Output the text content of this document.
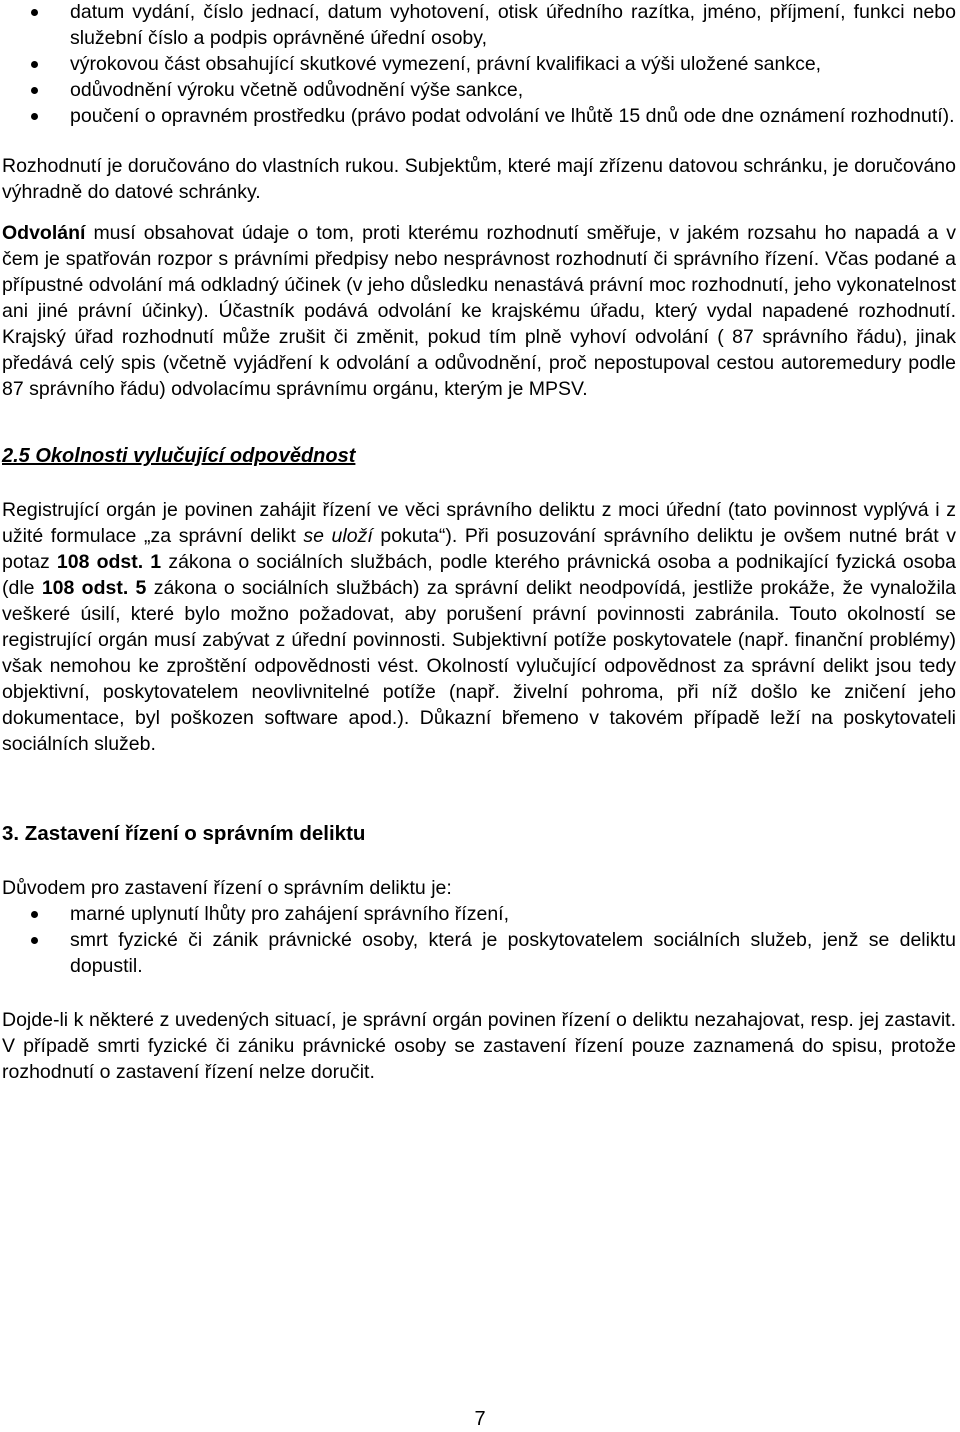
datum vydání, číslo jednací, datum vyhotovení, otisk úředního razítka, jméno, příjmení, funkci nebo služební číslo a podpis oprávněné úřední osoby,
výrokovou část obsahující skutkové vymezení, právní kvalifikaci a výši uložené sankce,
odůvodnění výroku včetně odůvodnění výše sankce,
poučení o opravném prostředku (právo podat odvolání ve lhůtě 15 dnů ode dne oznámení rozhodnutí).

Rozhodnutí je doručováno do vlastních rukou. Subjektům, které mají zřízenu datovou schránku, je doručováno výhradně do datové schránky.

Odvolání musí obsahovat údaje o tom, proti kterému rozhodnutí směřuje, v jakém rozsahu ho napadá a v čem je spatřován rozpor s právními předpisy nebo nesprávnost rozhodnutí či správního řízení. Včas podané a přípustné odvolání má odkladný účinek (v jeho důsledku nenastává právní moc rozhodnutí, jeho vykonatelnost ani jiné právní účinky). Účastník podává odvolání ke krajskému úřadu, který vydal napadené rozhodnutí. Krajský úřad rozhodnutí může zrušit či změnit, pokud tím plně vyhoví odvolání ( 87 správního řádu), jinak předává celý spis (včetně vyjádření k odvolání a odůvodnění, proč nepostupoval cestou autoremedury podle 87 správního řádu) odvolacímu správnímu orgánu, kterým je MPSV.

2.5 Okolnosti vylučující odpovědnost

Registrující orgán je povinen zahájit řízení ve věci správního deliktu z moci úřední (tato povinnost vyplývá i z užité formulace „za správní delikt se uloží pokuta“). Při posuzování správního deliktu je ovšem nutné brát v potaz 108 odst. 1 zákona o sociálních službách, podle kterého právnická osoba a podnikající fyzická osoba (dle 108 odst. 5 zákona o sociálních službách) za správní delikt neodpovídá, jestliže prokáže, že vynaložila veškeré úsilí, které bylo možno požadovat, aby porušení právní povinnosti zabránila. Touto okolností se registrující orgán musí zabývat z úřední povinnosti. Subjektivní potíže poskytovatele (např. finanční problémy) však nemohou ke zproštění odpovědnosti vést. Okolností vylučující odpovědnost za správní delikt jsou tedy objektivní, poskytovatelem neovlivnitelné potíže (např. živelní pohroma, při níž došlo ke zničení jeho dokumentace, byl poškozen software apod.). Důkazní břemeno v takovém případě leží na poskytovateli sociálních služeb.

3. Zastavení řízení o správním deliktu

Důvodem pro zastavení řízení o správním deliktu je:

marné uplynutí lhůty pro zahájení správního řízení,
smrt fyzické či zánik právnické osoby, která je poskytovatelem sociálních služeb, jenž se deliktu dopustil.

Dojde-li k některé z uvedených situací, je správní orgán povinen řízení o deliktu nezahajovat, resp. jej zastavit. V případě smrti fyzické či zániku právnické osoby se zastavení řízení pouze zaznamená do spisu, protože rozhodnutí o zastavení řízení nelze doručit.

7
